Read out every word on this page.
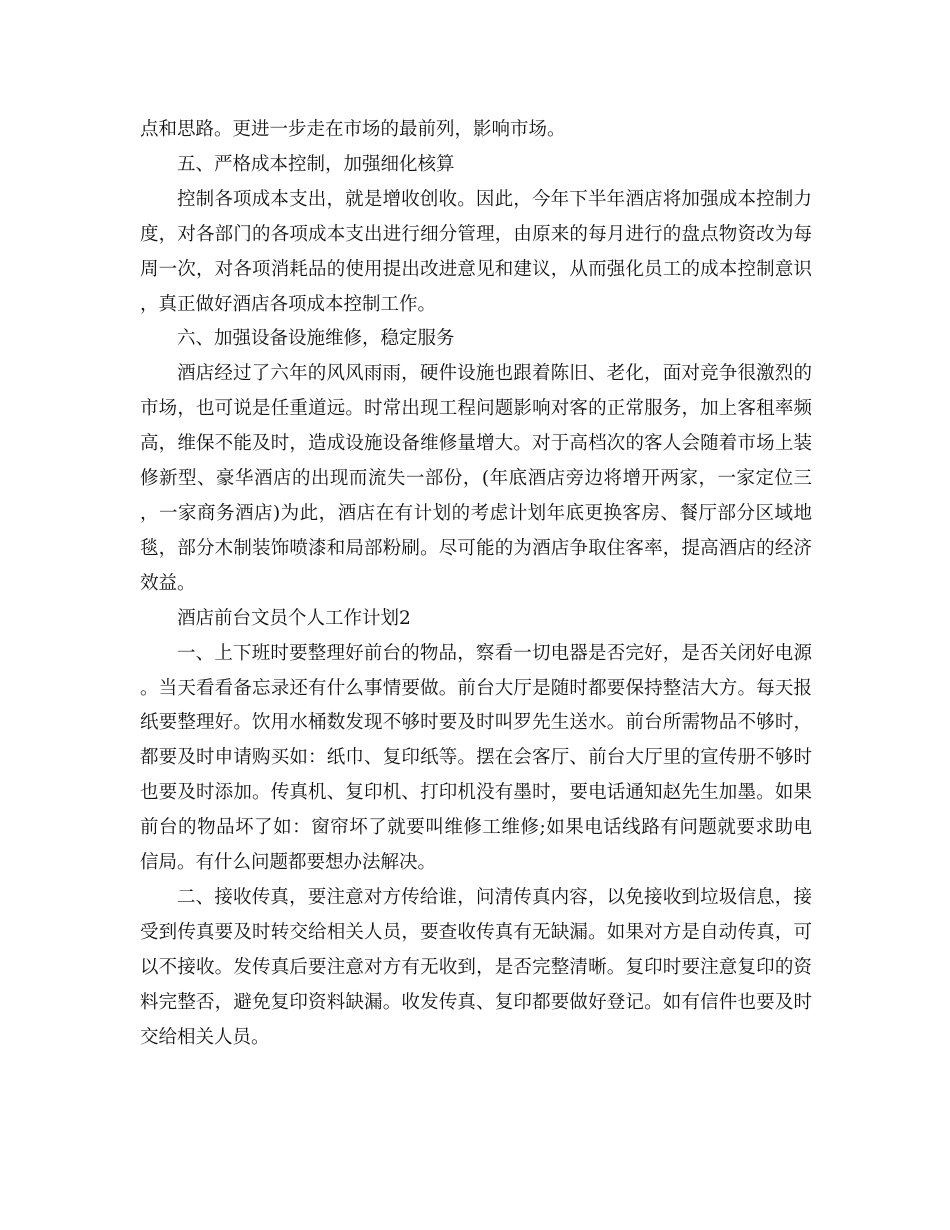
点和思路。更进一步走在市场的最前列，影响市场。

五、严格成本控制，加强细化核算

控制各项成本支出，就是增收创收。因此，今年下半年酒店将加强成本控制力度，对各部门的各项成本支出进行细分管理，由原来的每月进行的盘点物资改为每周一次，对各项消耗品的使用提出改进意见和建议，从而强化员工的成本控制意识，真正做好酒店各项成本控制工作。

六、加强设备设施维修，稳定服务

酒店经过了六年的风风雨雨，硬件设施也跟着陈旧、老化，面对竞争很激烈的市场，也可说是任重道远。时常出现工程问题影响对客的正常服务，加上客租率频高，维保不能及时，造成设施设备维修量增大。对于高档次的客人会随着市场上装修新型、豪华酒店的出现而流失一部份，(年底酒店旁边将增开两家，一家定位三，一家商务酒店)为此，酒店在有计划的考虑计划年底更换客房、餐厅部分区域地毯，部分木制装饰喷漆和局部粉刷。尽可能的为酒店争取住客率，提高酒店的经济效益。

酒店前台文员个人工作计划2

一、上下班时要整理好前台的物品，察看一切电器是否完好，是否关闭好电源。当天看看备忘录还有什么事情要做。前台大厅是随时都要保持整洁大方。每天报纸要整理好。饮用水桶数发现不够时要及时叫罗先生送水。前台所需物品不够时，都要及时申请购买如：纸巾、复印纸等。摆在会客厅、前台大厅里的宣传册不够时也要及时添加。传真机、复印机、打印机没有墨时，要电话通知赵先生加墨。如果前台的物品坏了如：窗帘坏了就要叫维修工维修;如果电话线路有问题就要求助电信局。有什么问题都要想办法解决。

二、接收传真，要注意对方传给谁，问清传真内容，以免接收到垃圾信息，接受到传真要及时转交给相关人员，要查收传真有无缺漏。如果对方是自动传真，可以不接收。发传真后要注意对方有无收到，是否完整清晰。复印时要注意复印的资料完整否，避免复印资料缺漏。收发传真、复印都要做好登记。如有信件也要及时交给相关人员。
